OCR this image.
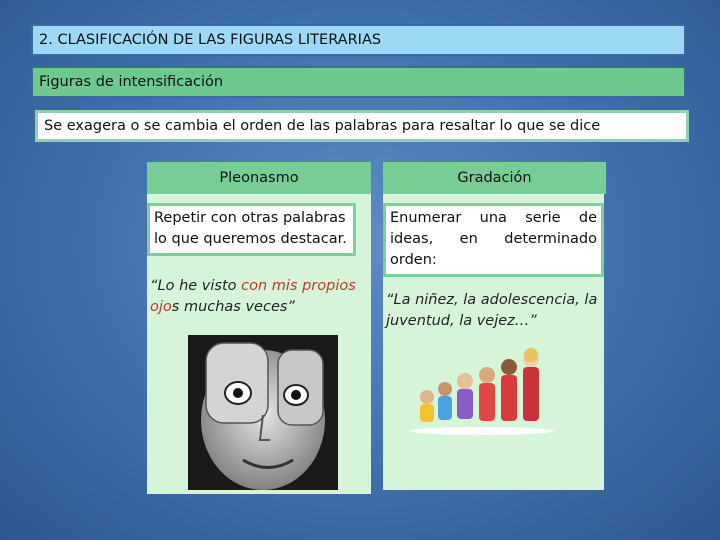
2. CLASIFICACIÓN DE LAS FIGURAS LITERARIAS
Figuras de intensificación
Se exagera o se cambia el orden de las palabras para resaltar lo que se dice
Pleonasmo	Gradación
Repetir con otras palabras lo que queremos destacar.
Enumerar una serie de ideas, en determinado
orden:
“Lo he visto con mis propios ojos muchas veces”	“La niñez, la adolescencia, la juventud, la vejez…”
